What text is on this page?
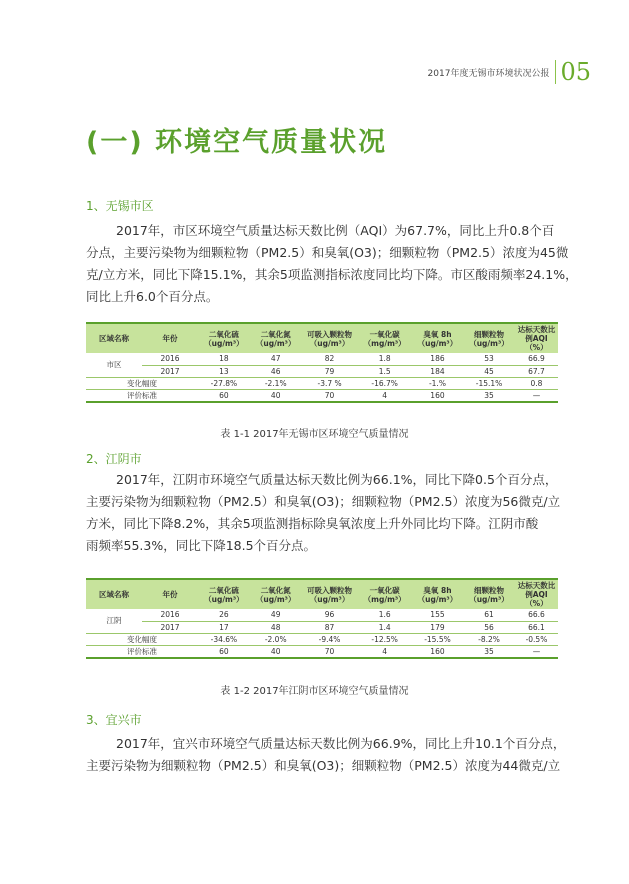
2017年度无锡市环境状况公报 05
(一) 环境空气质量状况
1、无锡市区
2017年，市区环境空气质量达标天数比例（AQI）为67.7%，同比上升0.8个百
分点，主要污染物为细颗粒物（PM2.5）和臭氧(O3)；细颗粒物（PM2.5）浓度为45微
克/立方米，同比下降15.1%，其余5项监测指标浓度同比均下降。市区酸雨频率24.1%，
同比上升6.0个百分点。
区域名称	年份	二氧化硫（ug/m³）	二氧化氮（ug/m³）	可吸入颗粒物（ug/m³）	一氧化碳（mg/m³）	臭氧 8h（ug/m³）	细颗粒物（ug/m³）	达标天数比例AQI（%）
市区	2016	18	47	82	1.8	186	53	66.9
	2017	13	46	79	1.5	184	45	67.7
变化幅度		-27.8%	-2.1%	-3.7 %	-16.7%	-1.%	-15.1%	0.8
评价标准		60	40	70	4	160	35	—
表 1-1 2017年无锡市区环境空气质量情况
2、江阴市
2017年，江阴市环境空气质量达标天数比例为66.1%，同比下降0.5个百分点，
主要污染物为细颗粒物（PM2.5）和臭氧(O3)；细颗粒物（PM2.5）浓度为56微克/立
方米，同比下降8.2%，其余5项监测指标除臭氧浓度上升外同比均下降。江阴市酸
雨频率55.3%，同比下降18.5个百分点。
区域名称	年份	二氧化硫（ug/m³）	二氧化氮（ug/m³）	可吸入颗粒物（ug/m³）	一氧化碳（mg/m³）	臭氧 8h（ug/m³）	细颗粒物（ug/m³）	达标天数比例AQI（%）
江阴	2016	26	49	96	1.6	155	61	66.6
	2017	17	48	87	1.4	179	56	66.1
变化幅度		-34.6%	-2.0%	-9.4%	-12.5%	-15.5%	-8.2%	-0.5%
评价标准		60	40	70	4	160	35	—
表 1-2 2017年江阴市区环境空气质量情况
3、宜兴市
2017年，宜兴市环境空气质量达标天数比例为66.9%，同比上升10.1个百分点，
主要污染物为细颗粒物（PM2.5）和臭氧(O3)；细颗粒物（PM2.5）浓度为44微克/立
